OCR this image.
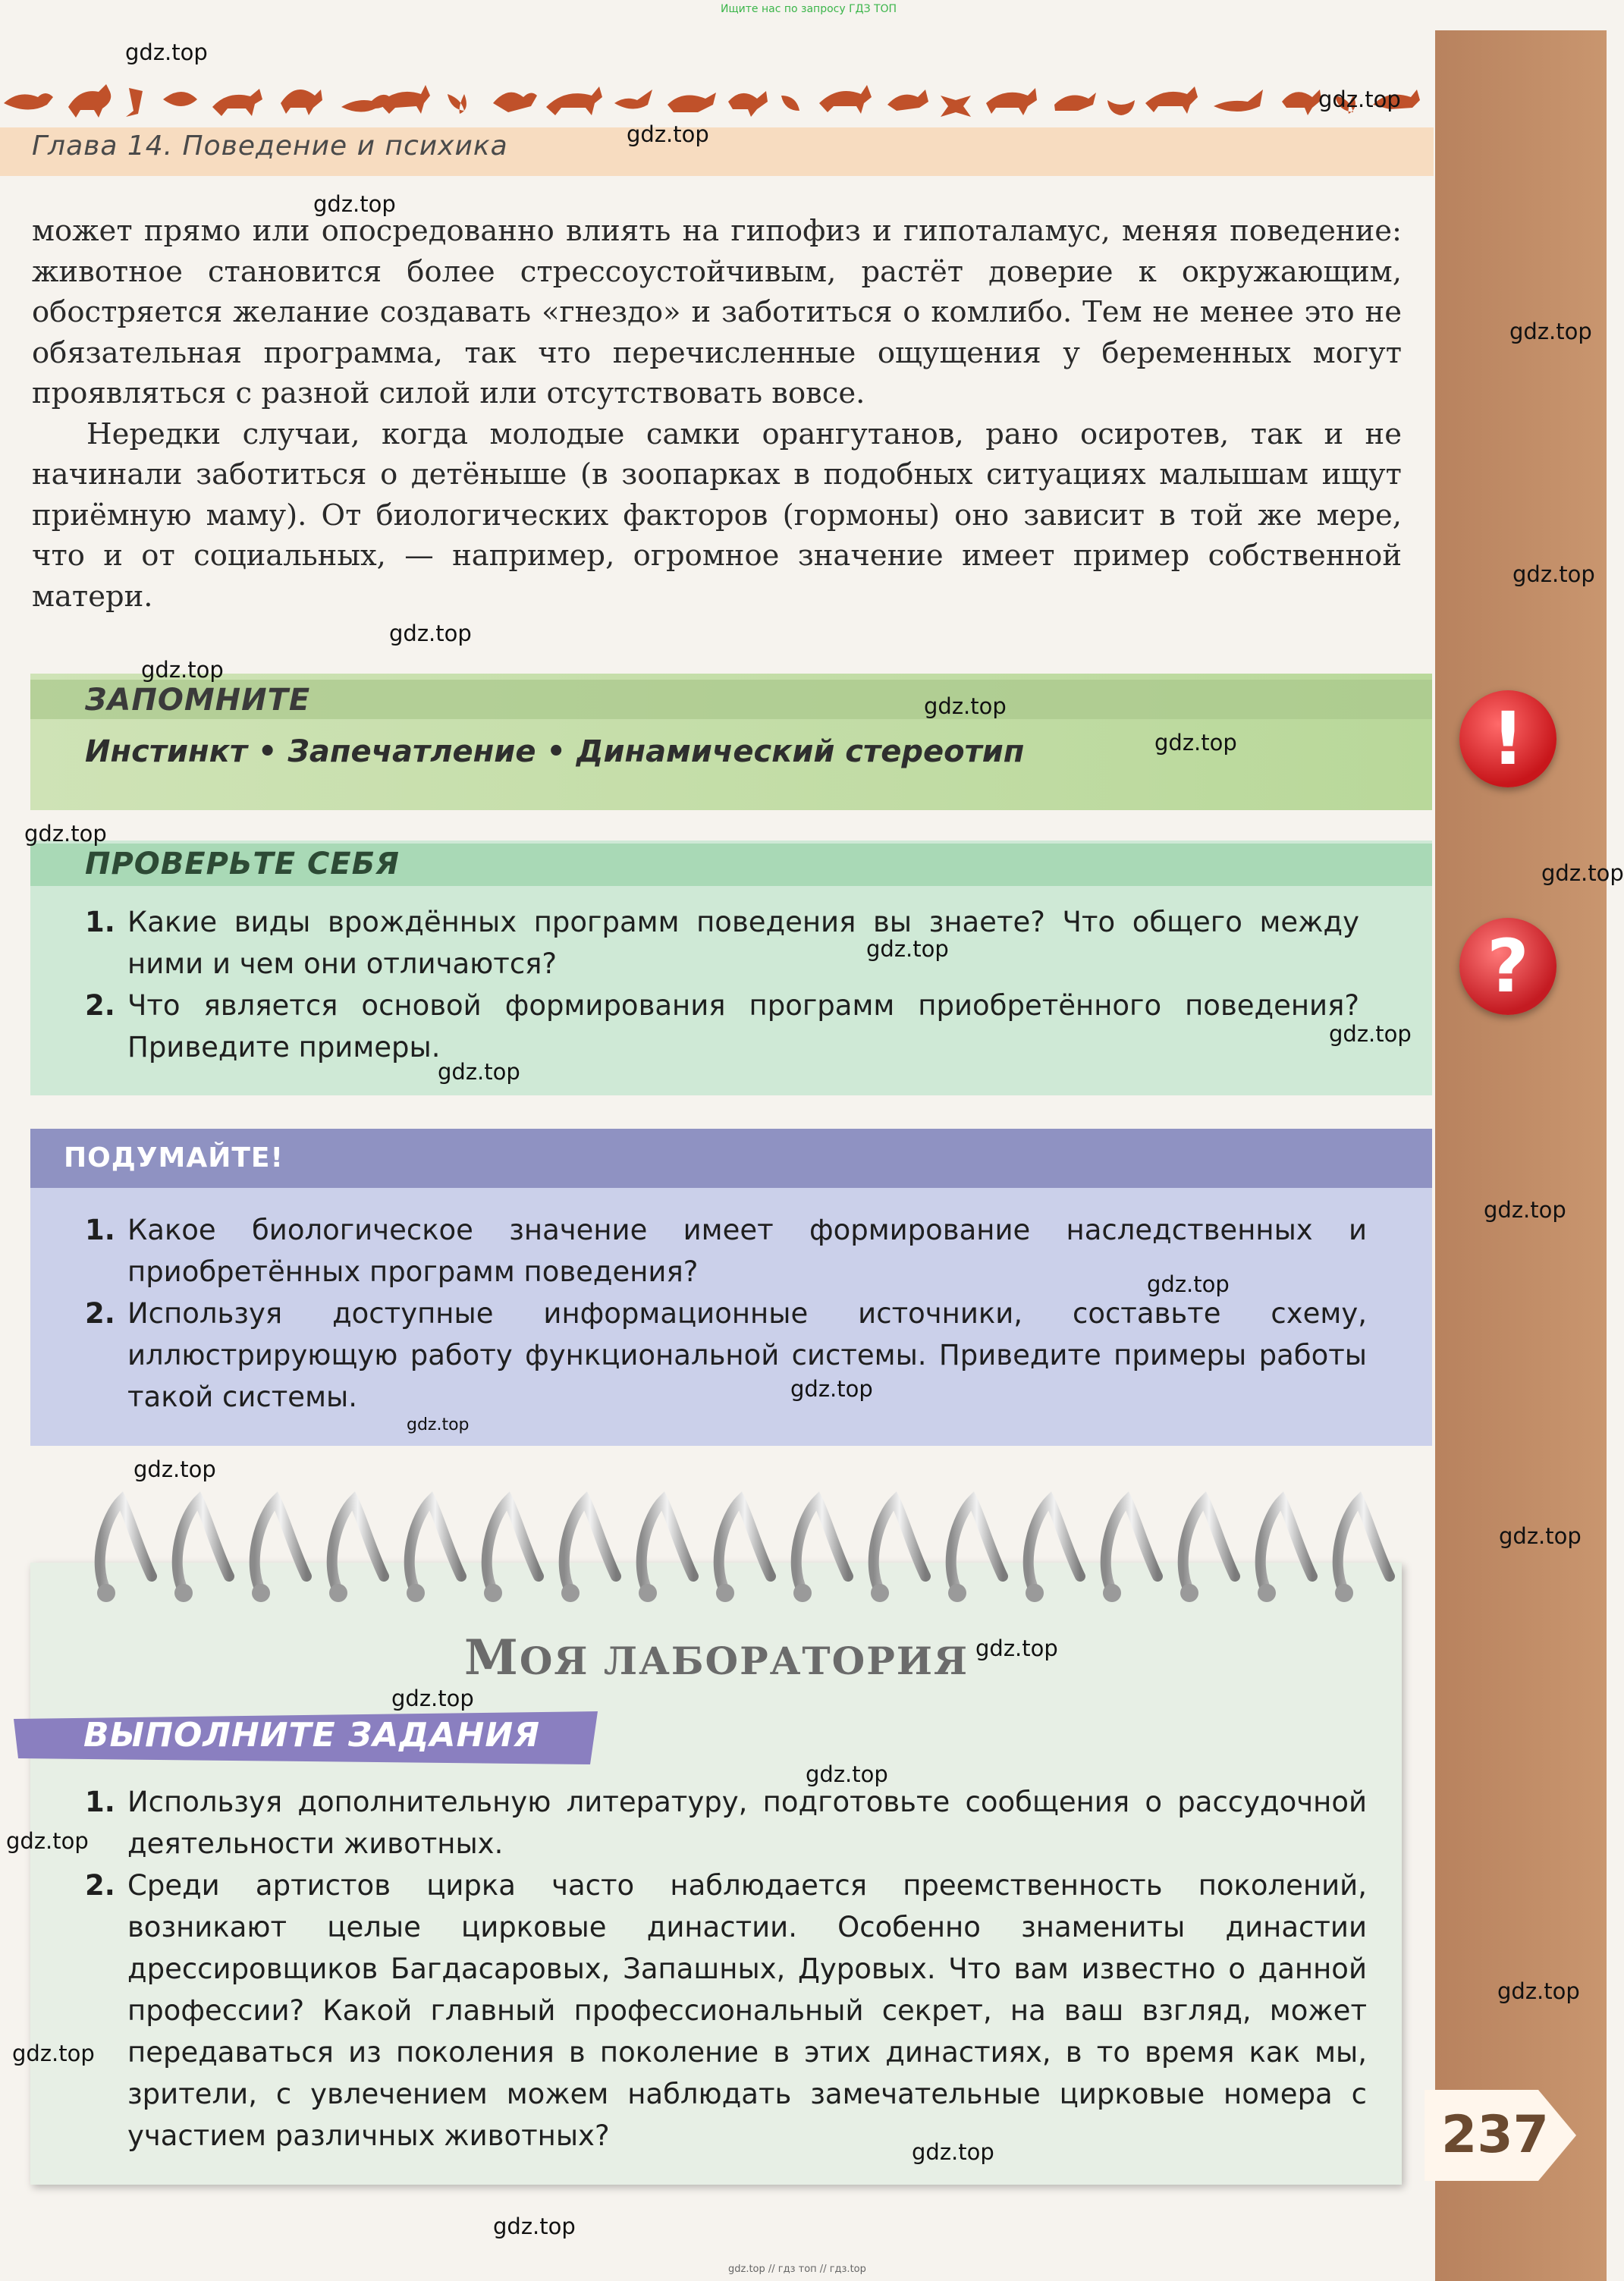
Ищите нас по запросу ГДЗ ТОП
Глава 14. Поведение и психика

может прямо или опосредованно влиять на гипофиз и гипоталамус, меняя поведение: животное становится более стрессоустойчивым, растёт доверие к окружающим, обостряется желание создавать «гнездо» и заботиться о комлибо. Тем не менее это не обязательная программа, так что перечисленные ощущения у беременных могут проявляться с разной силой или отсутствовать вовсе.

Нередки случаи, когда молодые самки орангутанов, рано осиротев, так и не начинали заботиться о детёныше (в зоопарках в подобных ситуациях малышам ищут приёмную маму). От биологических факторов (гормоны) оно зависит в той же мере, что и от социальных, — например, огромное значение имеет пример собственной матери.

ЗАПОМНИТЕ
Инстинкт • Запечатление • Динамический стереотип	!
ПРОВЕРЬТЕ СЕБЯ
1. Какие виды врождённых программ поведения вы знаете? Что общего между ними и чем они отличаются?
2. Что является основой формирования программ приобретённого поведения? Приведите примеры.
?
ПОДУМАЙТЕ!
1. Какое биологическое значение имеет формирование наследственных и приобретённых программ поведения?
2. Используя доступные информационные источники, составьте схему, иллюстрирующую работу функциональной системы. Приведите примеры работы такой системы.
МОЯ ЛАБОРАТОРИЯ
ВЫПОЛНИТЕ ЗАДАНИЯ
1. Используя дополнительную литературу, подготовьте сообщения о рассудочной деятельности животных.
2. Среди артистов цирка часто наблюдается преемственность поколений, возникают целые цирковые династии. Особенно знамениты династии дрессировщиков Багдасаровых, Запашных, Дуровых. Что вам известно о данной профессии? Какой главный профессиональный секрет, на ваш взгляд, может передаваться из поколения в поколение в этих династиях, в то время как мы, зрители, с увлечением можем наблюдать замечательные цирковые номера с участием различных животных?	237
gdz.top
gdz.top
gdz.top
gdz.top
gdz.top
gdz.top
gdz.top
gdz.top
gdz.top
gdz.top
gdz.top
gdz.top
gdz.top
gdz.top
gdz.top
gdz.top
gdz.top
gdz.top
gdz.top
gdz.top
gdz.top
gdz.top
gdz.top
gdz.top
gdz.top
gdz.top
gdz.top
gdz.top
gdz.top
gdz.top // гдз топ // гдз.top
